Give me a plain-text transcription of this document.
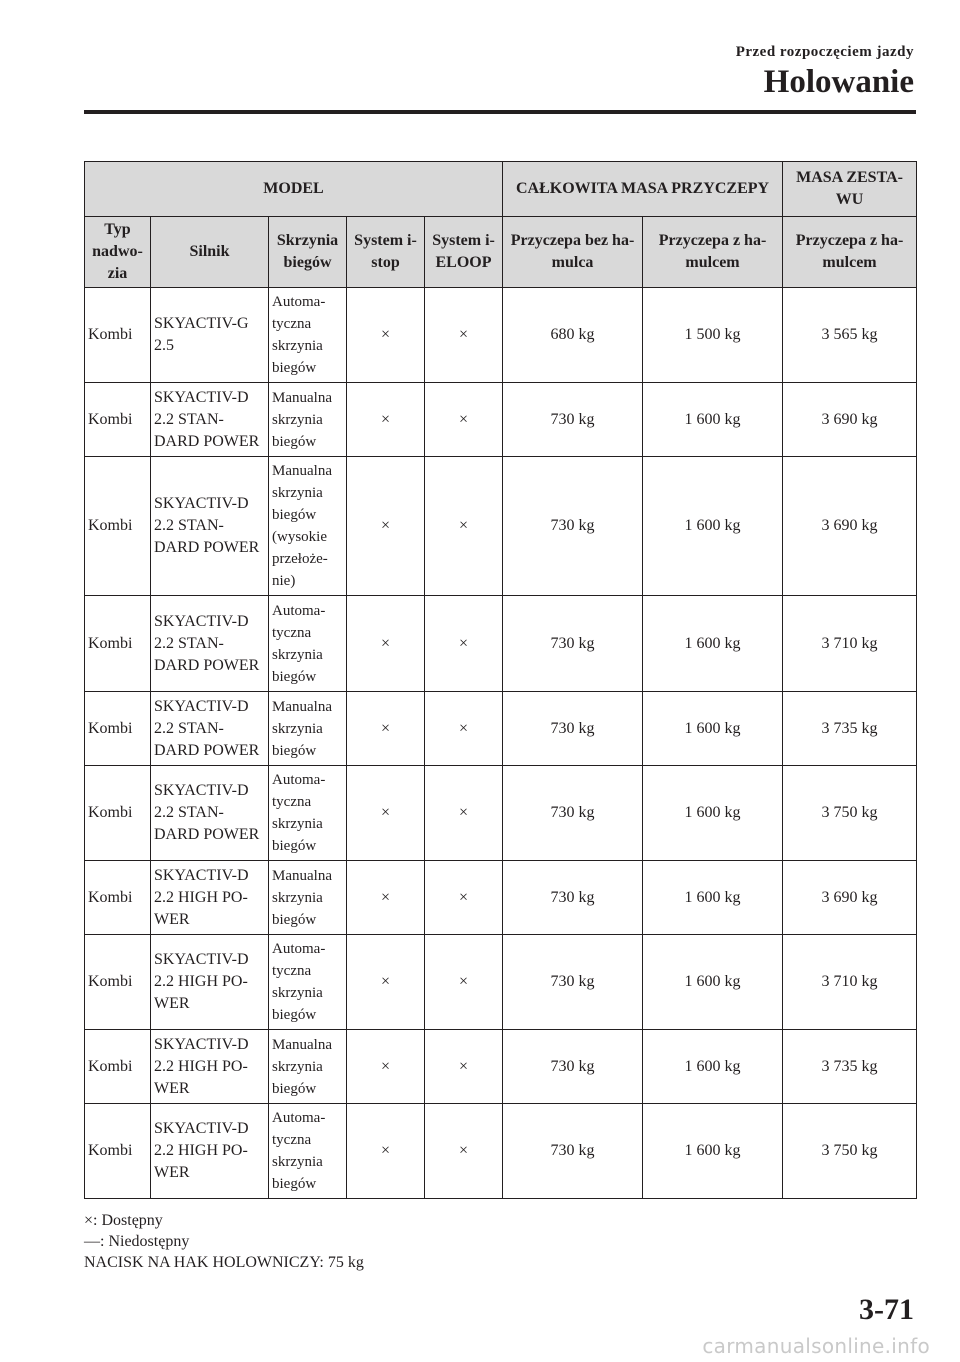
Przed rozpoczęciem jazdy
Holowanie
MODEL					CAŁKOWITA MASA PRZYCZEPY		MASA ZESTA-WU
Typ nadwo-zia	Silnik	Skrzynia biegów	System i-stop	System i-ELOOP	Przyczepa bez ha-mulca	Przyczepa z ha-mulcem	Przyczepa z ha-mulcem
Kombi	SKYACTIV-G 2.5	Automa-tyczna skrzynia biegów	×	×	680 kg	1 500 kg	3 565 kg
Kombi	SKYACTIV-D 2.2 STAN-DARD POWER	Manualna skrzynia biegów	×	×	730 kg	1 600 kg	3 690 kg
Kombi	SKYACTIV-D 2.2 STAN-DARD POWER	Manualna skrzynia biegów (wysokie przełoże-nie)	×	×	730 kg	1 600 kg	3 690 kg
Kombi	SKYACTIV-D 2.2 STAN-DARD POWER	Automa-tyczna skrzynia biegów	×	×	730 kg	1 600 kg	3 710 kg
Kombi	SKYACTIV-D 2.2 STAN-DARD POWER	Manualna skrzynia biegów	×	×	730 kg	1 600 kg	3 735 kg
Kombi	SKYACTIV-D 2.2 STAN-DARD POWER	Automa-tyczna skrzynia biegów	×	×	730 kg	1 600 kg	3 750 kg
Kombi	SKYACTIV-D 2.2 HIGH PO-WER	Manualna skrzynia biegów	×	×	730 kg	1 600 kg	3 690 kg
Kombi	SKYACTIV-D 2.2 HIGH PO-WER	Automa-tyczna skrzynia biegów	×	×	730 kg	1 600 kg	3 710 kg
Kombi	SKYACTIV-D 2.2 HIGH PO-WER	Manualna skrzynia biegów	×	×	730 kg	1 600 kg	3 735 kg
Kombi	SKYACTIV-D 2.2 HIGH PO-WER	Automa-tyczna skrzynia biegów	×	×	730 kg	1 600 kg	3 750 kg
×: Dostępny
―: Niedostępny
NACISK NA HAK HOLOWNICZY: 75 kg
3-71
carmanualsonline.info
